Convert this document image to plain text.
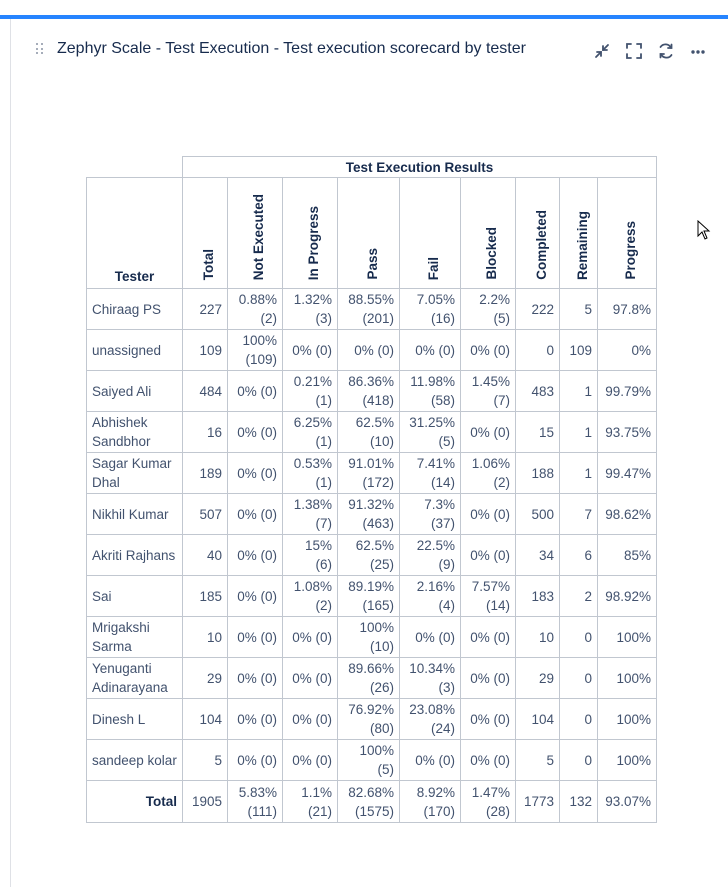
Zephyr Scale - Test Execution - Test execution scorecard by tester
	Test Execution Results								
Tester	Total	Not Executed	In Progress	Pass	Fail	Blocked	Completed	Remaining	Progress
Chiraag PS	227	0.88% (2)	1.32% (3)	88.55% (201)	7.05% (16)	2.2% (5)	222	5	97.8%
unassigned	109	100% (109)	0% (0)	0% (0)	0% (0)	0% (0)	0	109	0%
Saiyed Ali	484	0% (0)	0.21% (1)	86.36% (418)	11.98% (58)	1.45% (7)	483	1	99.79%
Abhishek Sandbhor	16	0% (0)	6.25% (1)	62.5% (10)	31.25% (5)	0% (0)	15	1	93.75%
Sagar Kumar Dhal	189	0% (0)	0.53% (1)	91.01% (172)	7.41% (14)	1.06% (2)	188	1	99.47%
Nikhil Kumar	507	0% (0)	1.38% (7)	91.32% (463)	7.3% (37)	0% (0)	500	7	98.62%
Akriti Rajhans	40	0% (0)	15% (6)	62.5% (25)	22.5% (9)	0% (0)	34	6	85%
Sai	185	0% (0)	1.08% (2)	89.19% (165)	2.16% (4)	7.57% (14)	183	2	98.92%
Mrigakshi Sarma	10	0% (0)	0% (0)	100% (10)	0% (0)	0% (0)	10	0	100%
Yenuganti Adinarayana	29	0% (0)	0% (0)	89.66% (26)	10.34% (3)	0% (0)	29	0	100%
Dinesh L	104	0% (0)	0% (0)	76.92% (80)	23.08% (24)	0% (0)	104	0	100%
sandeep kolar	5	0% (0)	0% (0)	100% (5)	0% (0)	0% (0)	5	0	100%
Total	1905	5.83% (111)	1.1% (21)	82.68% (1575)	8.92% (170)	1.47% (28)	1773	132	93.07%
